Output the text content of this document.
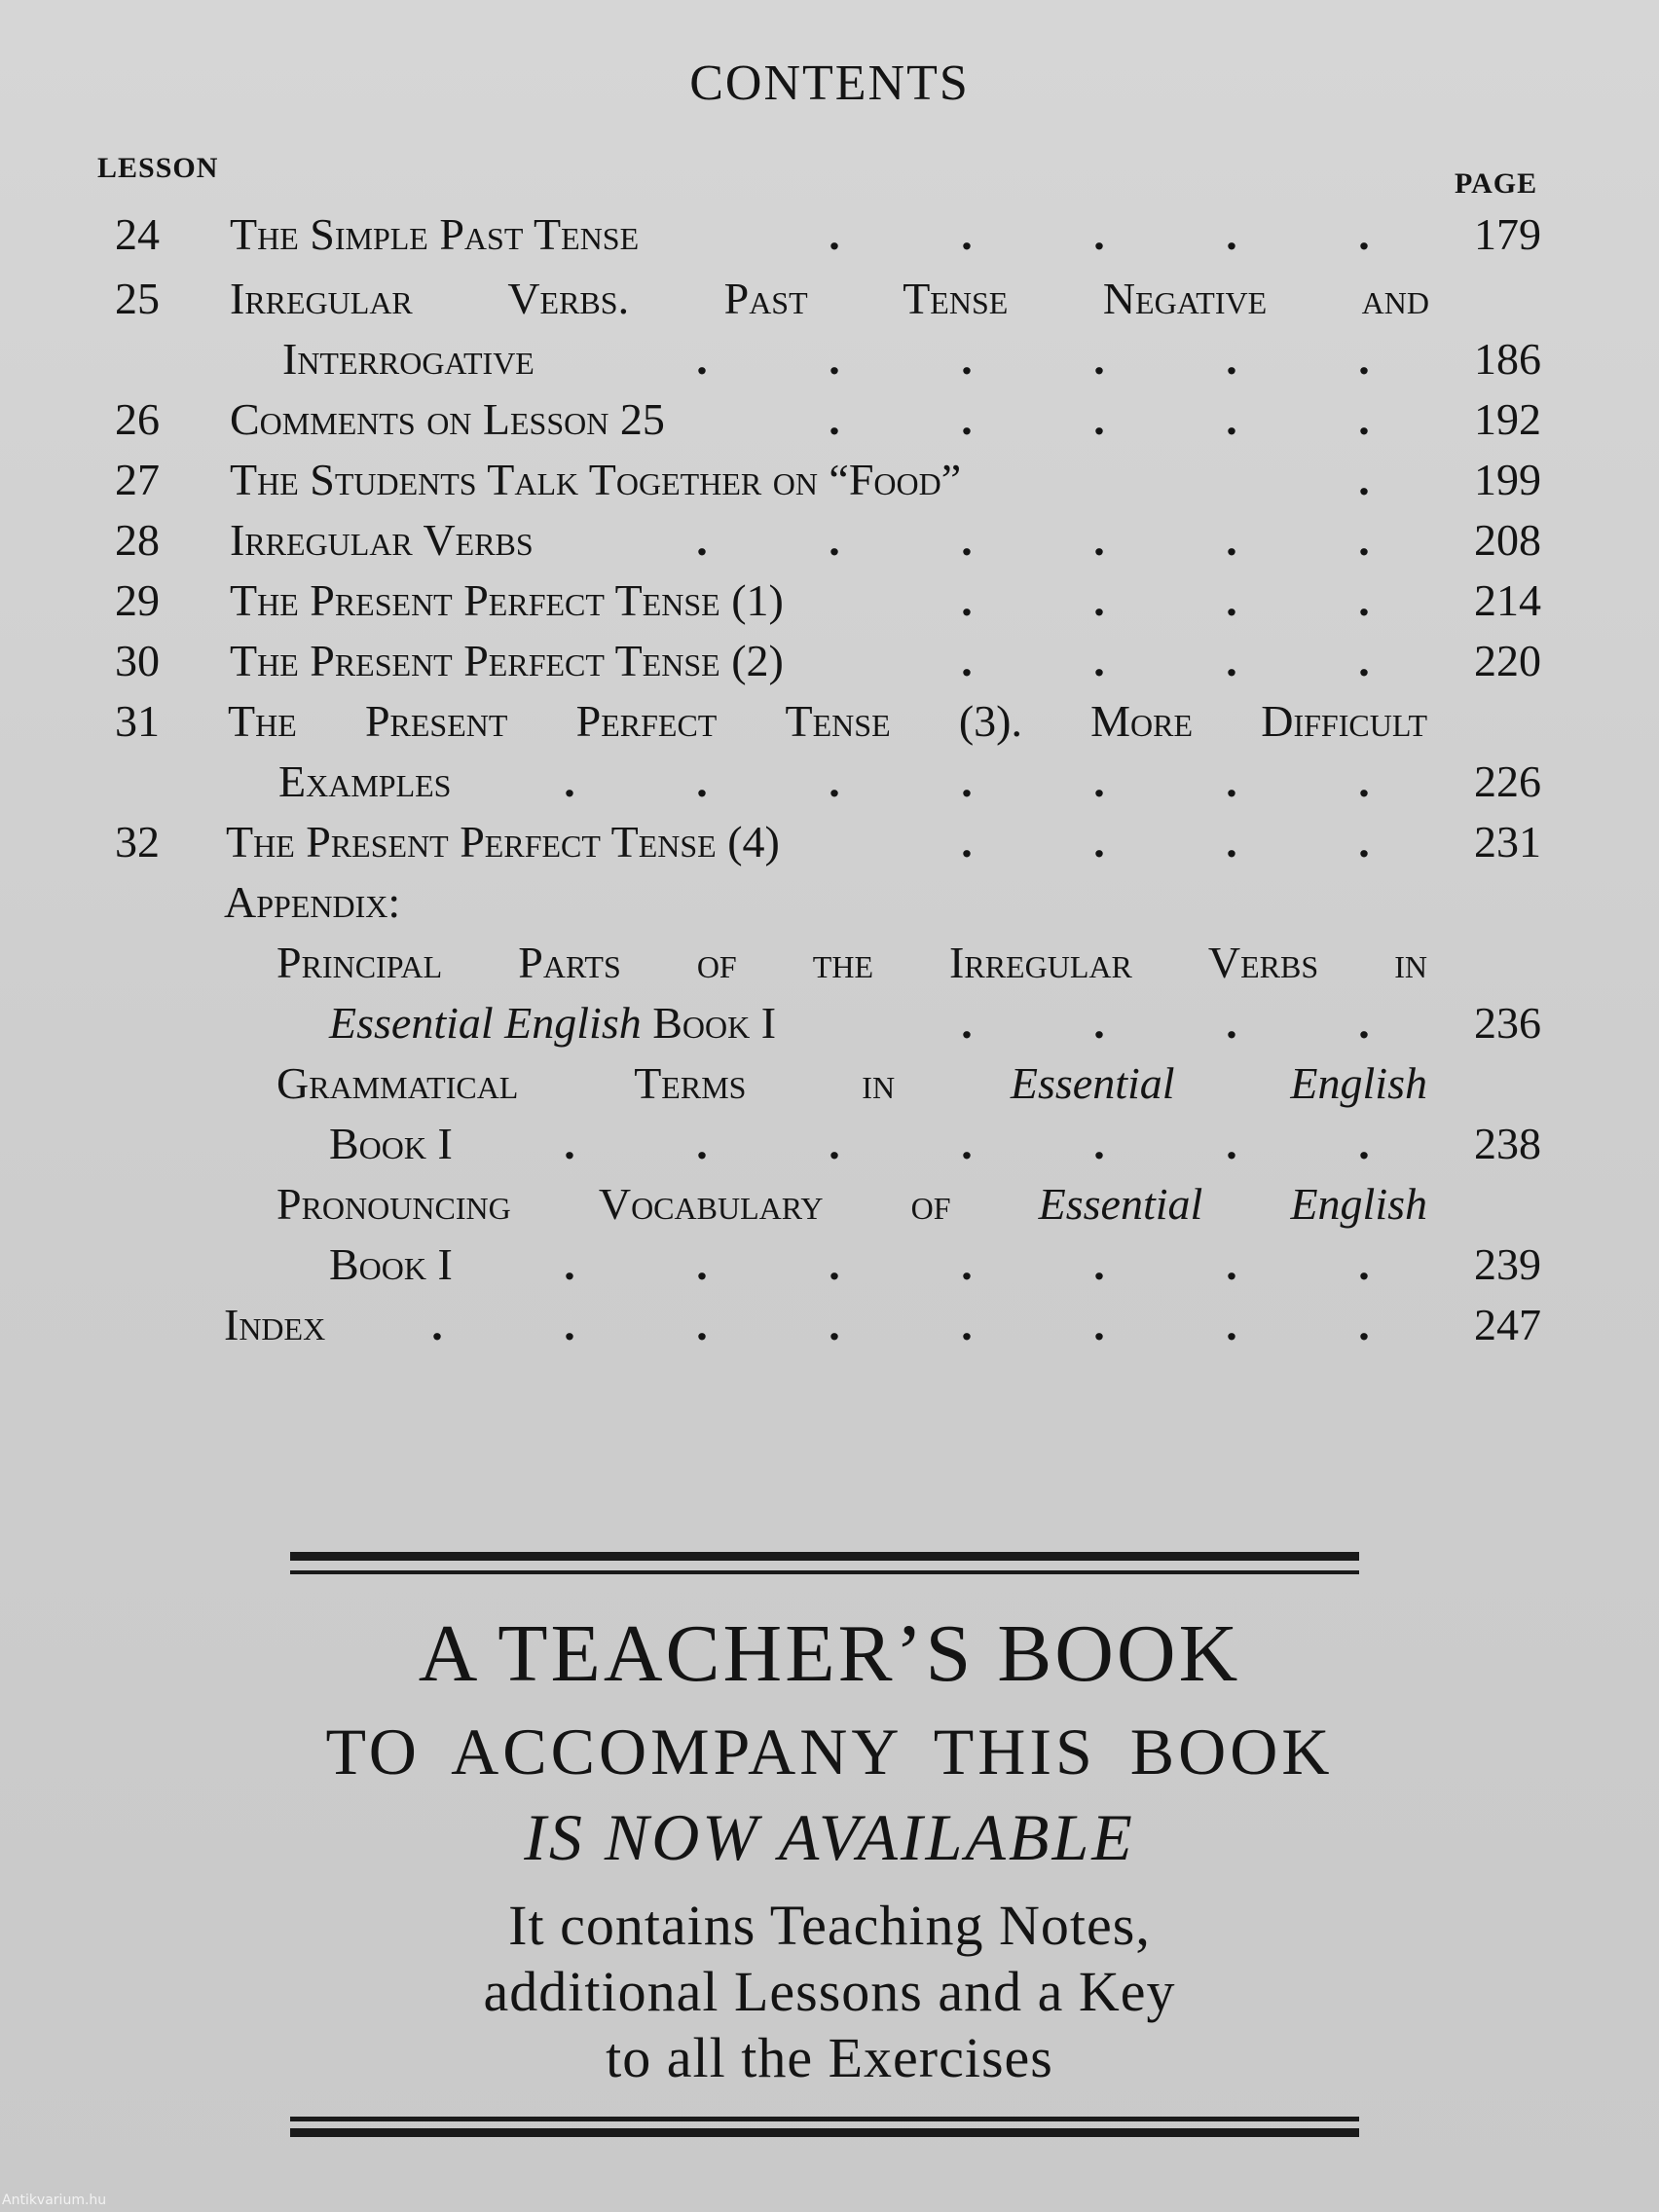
CONTENTS
LESSON	PAGE
24	The Simple Past Tense	.	.	.	.	.	179
25	Irregular Verbs. Past Tense Negative and
Interrogative	.	.	.	.	.	.	186
26	Comments on Lesson 25	.	.	.	.	.	192
27	The Students Talk Together on “Food”	.	199
28	Irregular Verbs	.	.	.	.	.	.	208
29	The Present Perfect Tense (1)	.	.	.	.	214
30	The Present Perfect Tense (2)	.	.	.	.	220
31	The Present Perfect Tense (3). More Difficult
Examples	.	.	.	.	.	.	.	226
32	The Present Perfect Tense (4)	.	.	.	.	231
Appendix:
Principal Parts of the Irregular Verbs in
Essential English Book I	.	.	.	.	236
Grammatical	Terms	in	Essential	English
Book I	.	.	.	.	.	.	.	238
Pronouncing Vocabulary of Essential English
Book I	.	.	.	.	.	.	.	239
Index	.	.	.	.	.	.	.	.	247
A TEACHER’S BOOK
TO ACCOMPANY THIS BOOK
IS NOW AVAILABLE
It contains Teaching Notes,
additional Lessons and a Key
to all the Exercises
Antikvarium.hu
